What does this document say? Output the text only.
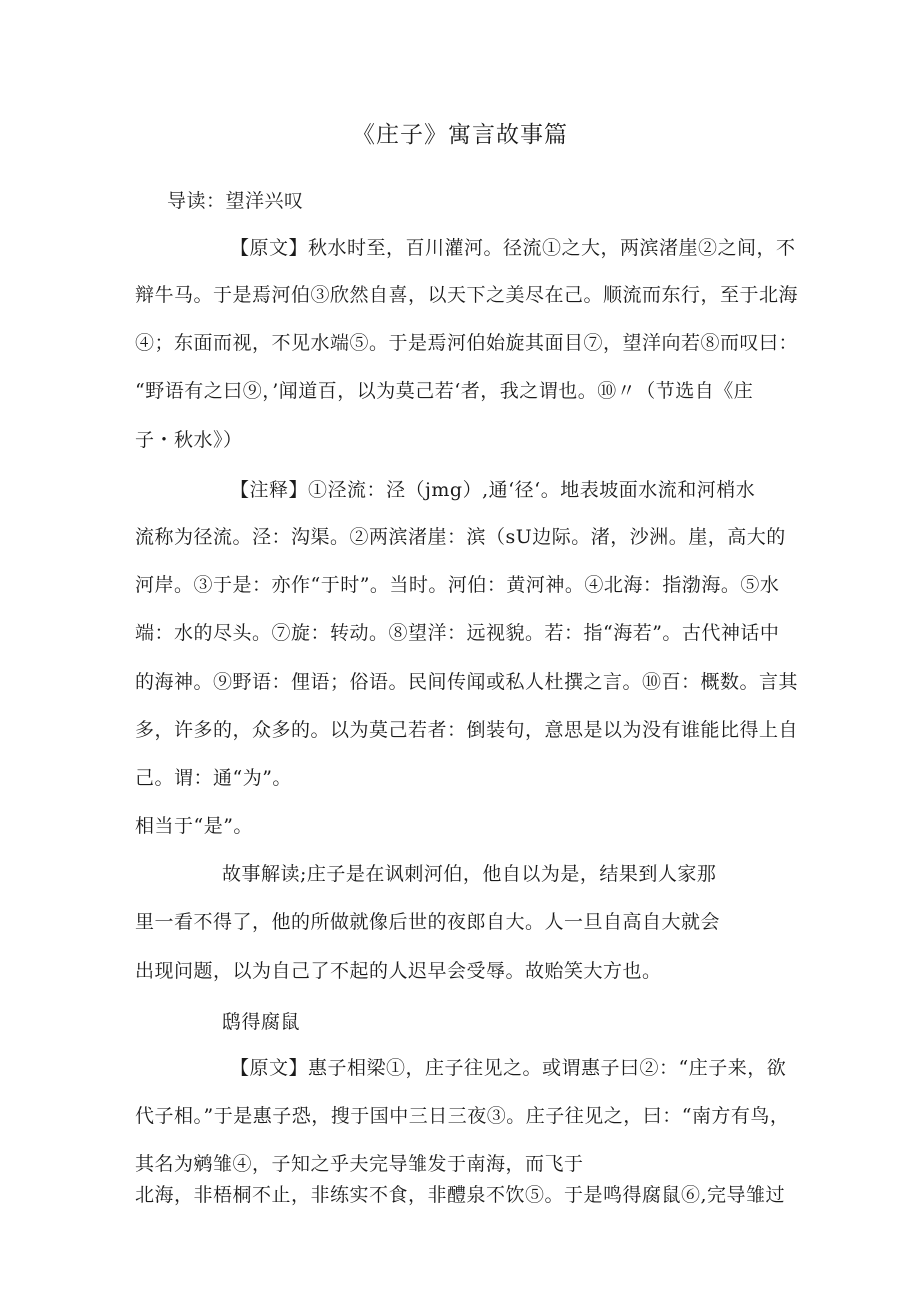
《庄子》寓言故事篇
导读：望洋兴叹
【原文】秋水时至，百川灌河。径流①之大，两滨渚崖②之间，不
辩牛马。于是焉河伯③欣然自喜，以天下之美尽在己。顺流而东行，至于北海
④；东面而视，不见水端⑤。于是焉河伯始旋其面目⑦，望洋向若⑧而叹曰：
“野语有之曰⑨，’闻道百，以为莫己若‘者，我之谓也。⑩〃（节选自《庄
子・秋水》）
【注释】①泾流：泾（jmg）,通‘径‘。地表坡面水流和河梢水
流称为径流。泾：沟渠。②两滨渚崖：滨（sU边际。渚，沙洲。崖，高大的
河岸。③于是：亦作“于时”。当时。河伯：黄河神。④北海：指渤海。⑤水
端：水的尽头。⑦旋：转动。⑧望洋：远视貌。若：指“海若”。古代神话中
的海神。⑨野语：俚语；俗语。民间传闻或私人杜撰之言。⑩百：概数。言其
多，许多的，众多的。以为莫己若者：倒装句，意思是以为没有谁能比得上自
己。谓：通“为”。
相当于“是”。
故事解读;庄子是在讽刺河伯，他自以为是，结果到人家那
里一看不得了，他的所做就像后世的夜郎自大。人一旦自高自大就会
出现问题，以为自己了不起的人迟早会受辱。故贻笑大方也。
鸱得腐鼠
【原文】惠子相梁①，庄子往见之。或谓惠子曰②：“庄子来，欲
代子相。”于是惠子恐，搜于国中三日三夜③。庄子往见之，曰：“南方有鸟，
其名为鹓雏④，子知之乎夫完导雏发于南海，而飞于
北海，非梧桐不止，非练实不食，非醴泉不饮⑤。于是鸣得腐鼠⑥,完导雏过
